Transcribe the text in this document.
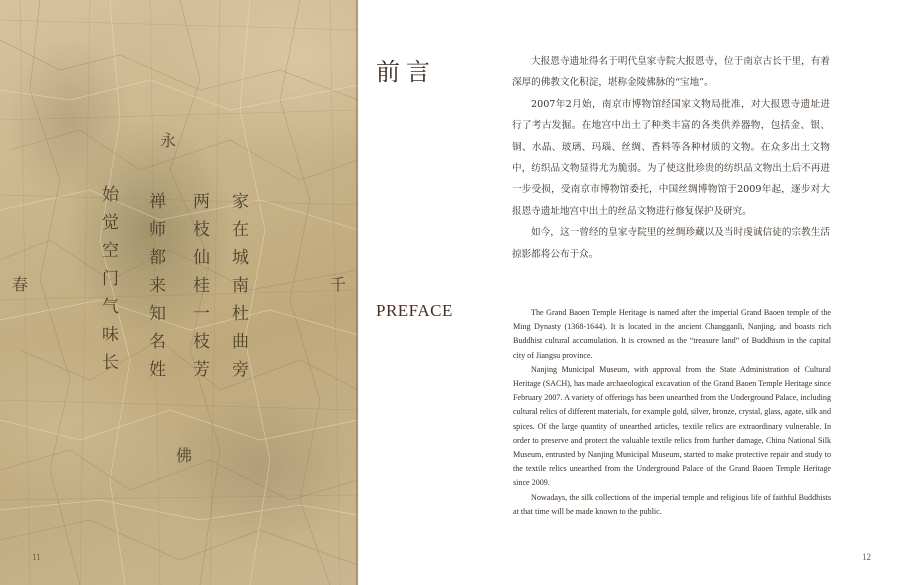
永
春	千
佛
家在城南杜曲旁
两枝仙桂一枝芳
禅师都来知名姓
始觉空门气味长
11
前言	大报恩寺遗址得名于明代皇家寺院大报恩寺，位于南京古长干里，有着深厚的佛教文化积淀，堪称金陵佛脉的“宝地”。

2007年2月始，南京市博物馆经国家文物局批准，对大报恩寺遗址进行了考古发掘。在地宫中出土了种类丰富的各类供养器物，包括金、银、铜、水晶、玻璃、玛瑙、丝绸、香料等各种材质的文物。在众多出土文物中，纺织品文物显得尤为脆弱。为了使这批珍贵的纺织品文物出土后不再进一步受损，受南京市博物馆委托，中国丝绸博物馆于2009年起，逐步对大报恩寺遗址地宫中出土的丝品文物进行修复保护及研究。

如今，这一曾经的皇家寺院里的丝绸珍藏以及当时虔诚信徒的宗教生活掠影都将公布于众。

PREFACE	The Grand Baoen Temple Heritage is named after the imperial Grand Baoen temple of the Ming Dynasty (1368-1644). It is located in the ancient Changganli, Nanjing, and boasts rich Buddhist cultural accumulation. It is crowned as the “treasure land” of Buddhism in the capital city of Jiangsu province.

Nanjing Municipal Museum, with approval from the State Administration of Cultural Heritage (SACH), has made archaeological excavation of the Grand Baoen Temple Heritage since February 2007. A variety of offerings has been unearthed from the Underground Palace, including cultural relics of different materials, for example gold, silver, bronze, crystal, glass, agate, silk and spices. Of the large quantity of unearthed articles, textile relics are extraordinary vulnerable. In order to preserve and protect the valuable textile relics from further damage, China National Silk Museum, entrusted by Nanjing Municipal Museum, started to make protective repair and study to the textile relics unearthed from the Underground Palace of the Grand Baoen Temple Heritage since 2009.

Nowadays, the silk collections of the imperial temple and religious life of faithful Buddhists at that time will be made known to the public.

12
